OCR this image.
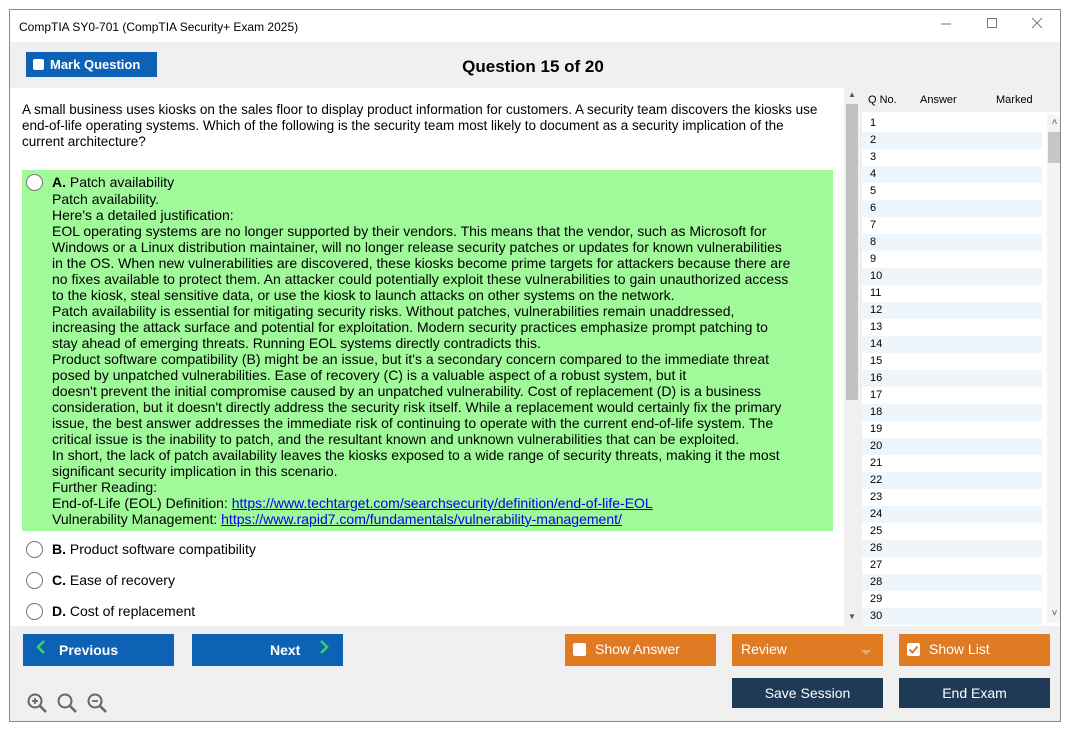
CompTIA SY0-701 (CompTIA Security+ Exam 2025)
Mark Question	Question 15 of 20
A small business uses kiosks on the sales floor to display product information for customers. A security team discovers the kiosks use end-of-life operating systems. Which of the following is the security team most likely to document as a security implication of the current architecture?
A. Patch availability
Patch availability.
Here's a detailed justification:
EOL operating systems are no longer supported by their vendors. This means that the vendor, such as Microsoft for
Windows or a Linux distribution maintainer, will no longer release security patches or updates for known vulnerabilities
in the OS. When new vulnerabilities are discovered, these kiosks become prime targets for attackers because there are
no fixes available to protect them. An attacker could potentially exploit these vulnerabilities to gain unauthorized access
to the kiosk, steal sensitive data, or use the kiosk to launch attacks on other systems on the network.
Patch availability is essential for mitigating security risks. Without patches, vulnerabilities remain unaddressed,
increasing the attack surface and potential for exploitation. Modern security practices emphasize prompt patching to
stay ahead of emerging threats. Running EOL systems directly contradicts this.
Product software compatibility (B) might be an issue, but it's a secondary concern compared to the immediate threat
posed by unpatched vulnerabilities. Ease of recovery (C) is a valuable aspect of a robust system, but it
doesn't prevent the initial compromise caused by an unpatched vulnerability. Cost of replacement (D) is a business
consideration, but it doesn't directly address the security risk itself. While a replacement would certainly fix the primary
issue, the best answer addresses the immediate risk of continuing to operate with the current end-of-life system. The
critical issue is the inability to patch, and the resultant known and unknown vulnerabilities that can be exploited.
In short, the lack of patch availability leaves the kiosks exposed to a wide range of security threats, making it the most
significant security implication in this scenario.
Further Reading:
End-of-Life (EOL) Definition: https://www.techtarget.com/searchsecurity/definition/end-of-life-EOL
Vulnerability Management: https://www.rapid7.com/fundamentals/vulnerability-management/
B. Product software compatibility
C. Ease of recovery
D. Cost of replacement
▲
▼
Q No. Answer	Marked
1
2
3
4
5
6
7
8
9
10
11
12
13
14
15
16
17
18
19
20
21
22
23
24
25
26
27
28
29
30
˄
˅
Previous	Next	Show Answer	Review	Show List
Save Session	End Exam
